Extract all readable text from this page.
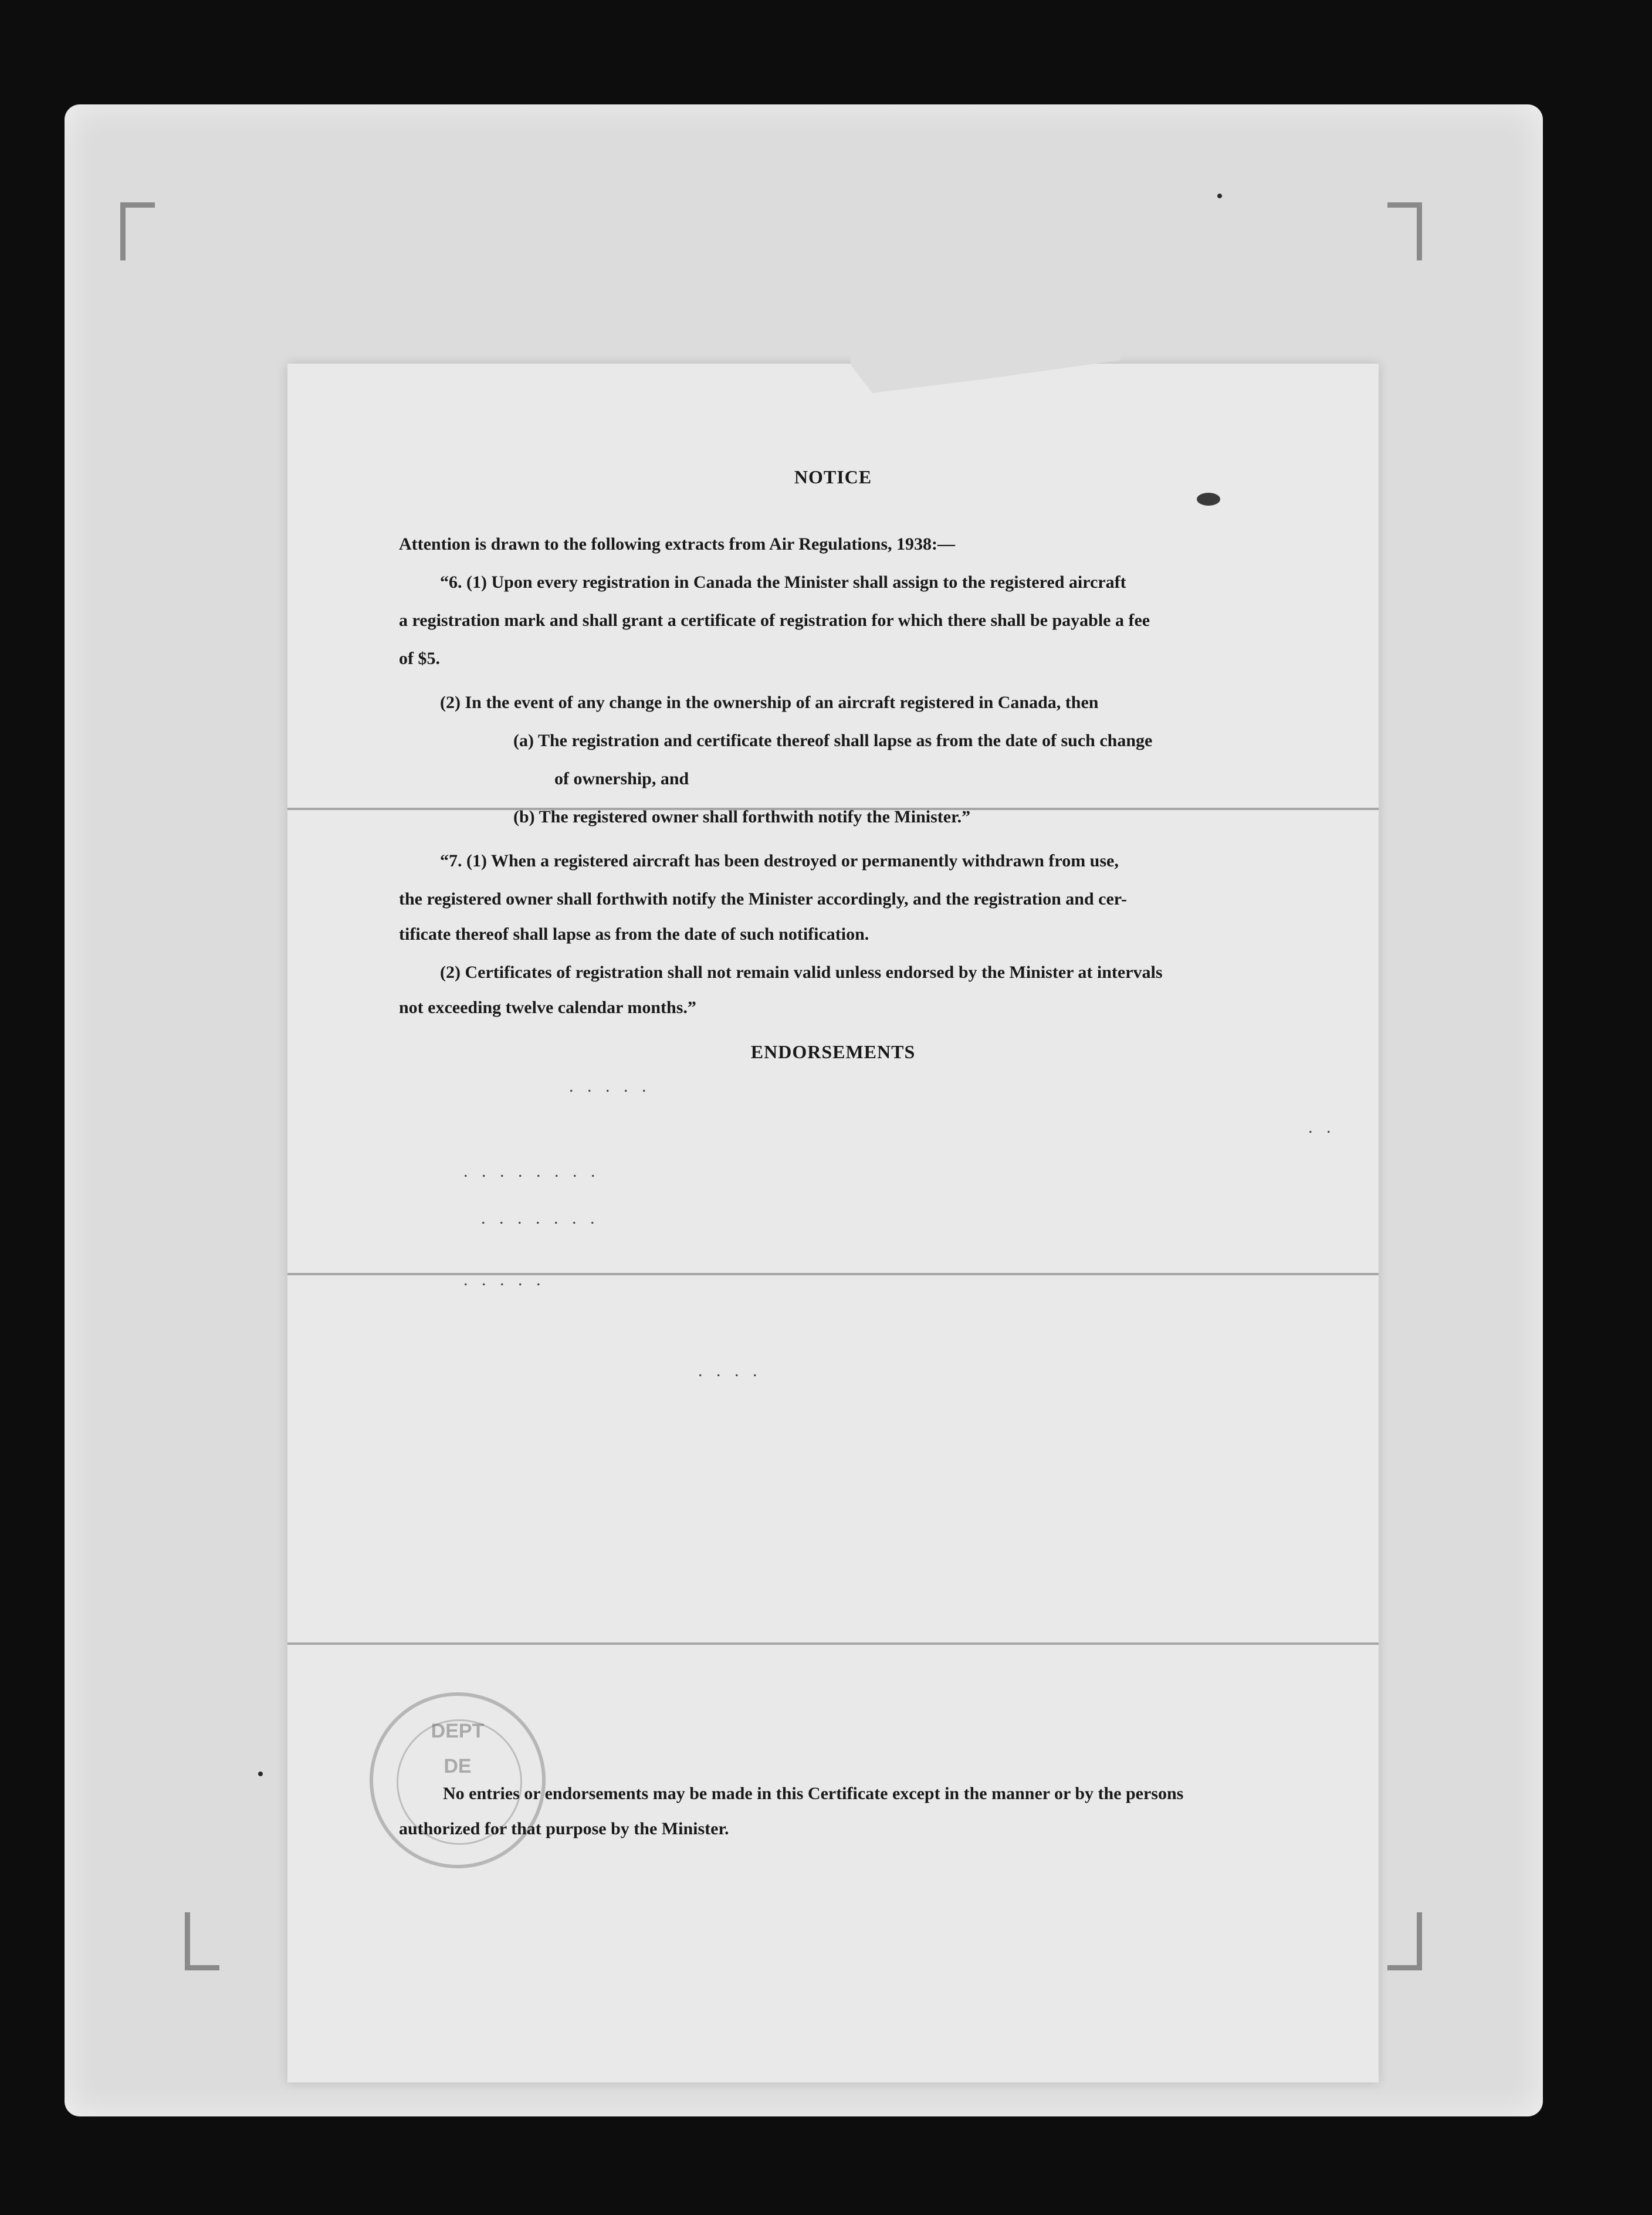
NOTICE
Attention is drawn to the following extracts from Air Regulations, 1938:—
“6. (1) Upon every registration in Canada the Minister shall assign to the registered aircraft
a registration mark and shall grant a certificate of registration for which there shall be payable a fee
of $5.
(2) In the event of any change in the ownership of an aircraft registered in Canada, then
(a) The registration and certificate thereof shall lapse as from the date of such change
of ownership, and
(b) The registered owner shall forthwith notify the Minister.”
“7. (1) When a registered aircraft has been destroyed or permanently withdrawn from use,
the registered owner shall forthwith notify the Minister accordingly, and the registration and cer-
tificate thereof shall lapse as from the date of such notification.
(2) Certificates of registration shall not remain valid unless endorsed by the Minister at intervals
not exceeding twelve calendar months.”
ENDORSEMENTS
. . . . .
. . . . . . . .
. . . . . . .
. . . . .
. . . .
. .
DEPT
DE
No entries or endorsements may be made in this Certificate except in the manner or by the persons
authorized for that purpose by the Minister.
